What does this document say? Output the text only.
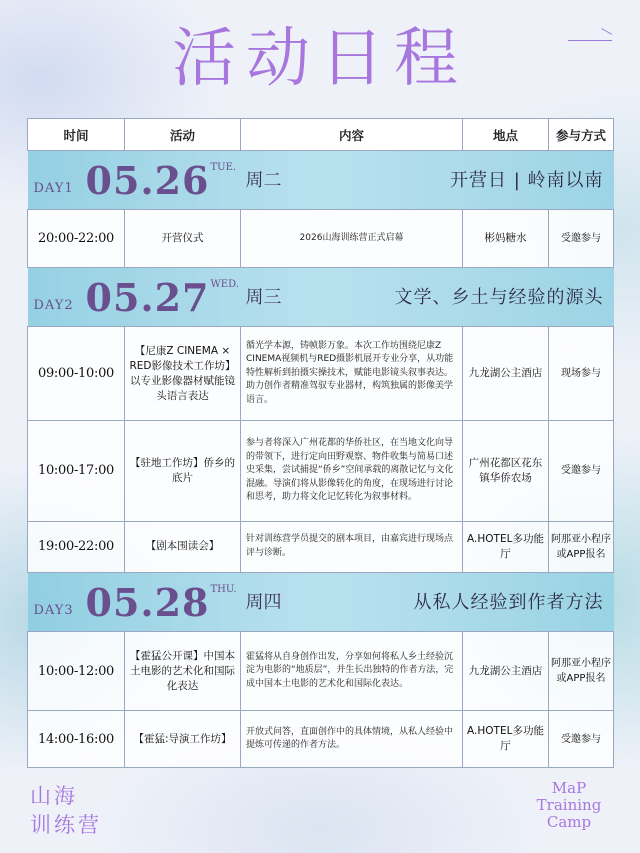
活动日程
时间	活动	内容	地点	参与方式

DAY1 05.26 TUE.
周二 开营日 | 岭南以南				

20:00-22:00	开营仪式	2026山海训练营正式启幕	彬妈糖水	受邀参与

DAY2 05.27 WED.
周三 文学、乡土与经验的源头				

09:00-10:00	【尼康Z CINEMA × RED影像技术工作坊】以专业影像器材赋能镜头语言表达	循光学本源，铸帧影万象。本次工作坊围绕尼康Z CINEMA视频机与RED摄影机展开专业分享，从功能特性解析到拍摄实操技术，赋能电影镜头叙事表达。助力创作者精准驾驭专业器材，构筑独属的影像美学语言。	九龙湖公主酒店	现场参与
10:00-17:00	【驻地工作坊】侨乡的底片	参与者将深入广州花都的华侨社区，在当地文化向导的带领下，进行定向田野观察、物件收集与简易口述史采集，尝试捕捉“侨乡”空间承载的离散记忆与文化混融。导演们将从影像转化的角度，在现场进行讨论和思考，助力将文化记忆转化为叙事材料。	广州花都区花东镇华侨农场	受邀参与
19:00-22:00	【剧本围读会】	针对训练营学员提交的剧本项目，由嘉宾进行现场点评与诊断。	A.HOTEL多功能厅	阿那亚小程序或APP报名

DAY3 05.28 THU.
周四 从私人经验到作者方法				

10:00-12:00	【霍猛公开课】中国本土电影的艺术化和国际化表达	霍猛将从自身创作出发，分享如何将私人乡土经验沉淀为电影的“地质层”，并生长出独特的作者方法，完成中国本土电影的艺术化和国际化表达。	九龙湖公主酒店	阿那亚小程序或APP报名
14:00-16:00	【霍猛:导演工作坊】	开放式问答，直面创作中的具体情境，从私人经验中提炼可传递的作者方法。	A.HOTEL多功能厅	受邀参与
山海
训练营
MaP
Training
Camp
